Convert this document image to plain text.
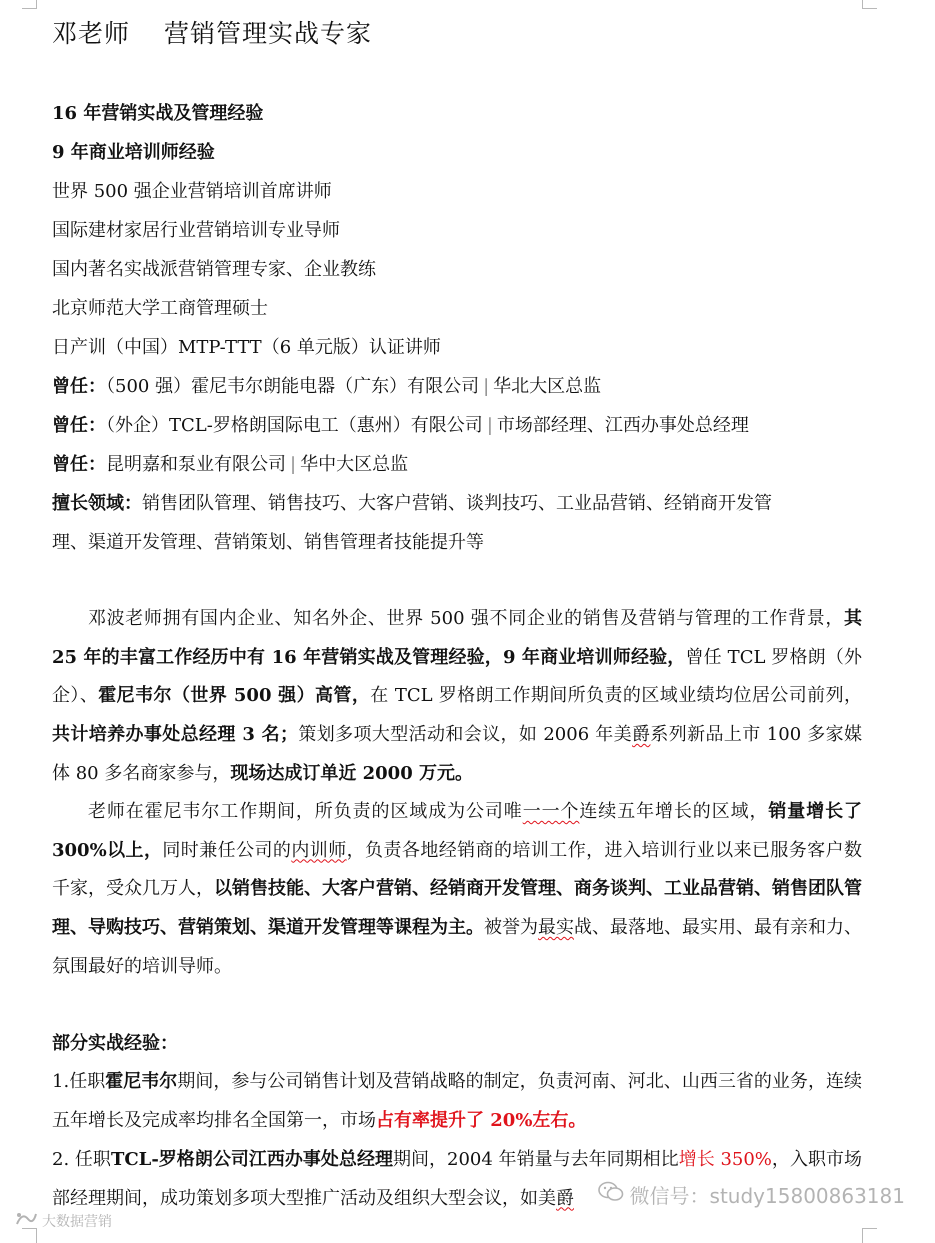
邓老师 营销管理实战专家
16 年营销实战及管理经验
9 年商业培训师经验
世界 500 强企业营销培训首席讲师
国际建材家居行业营销培训专业导师
国内著名实战派营销管理专家、企业教练
北京师范大学工商管理硕士
日产训（中国）MTP-TTT（6 单元版）认证讲师
曾任：（500 强）霍尼韦尔朗能电器（广东）有限公司 | 华北大区总监
曾任：（外企）TCL-罗格朗国际电工（惠州）有限公司 | 市场部经理、江西办事处总经理
曾任：昆明嘉和泵业有限公司 | 华中大区总监
擅长领域：销售团队管理、销售技巧、大客户营销、谈判技巧、工业品营销、经销商开发管
理、渠道开发管理、营销策划、销售管理者技能提升等
邓波老师拥有国内企业、知名外企、世界 500 强不同企业的销售及营销与管理的工作背景，其 25 年的丰富工作经历中有 16 年营销实战及管理经验，9 年商业培训师经验，曾任 TCL 罗格朗（外企）、霍尼韦尔（世界 500 强）高管，在 TCL 罗格朗工作期间所负责的区域业绩均位居公司前列，共计培养办事处总经理 3 名；策划多项大型活动和会议，如 2006 年美爵系列新品上市 100 多家媒体 80 多名商家参与，现场达成订单近 2000 万元。
老师在霍尼韦尔工作期间，所负责的区域成为公司唯一一个连续五年增长的区域，销量增长了 300%以上，同时兼任公司的内训师，负责各地经销商的培训工作，进入培训行业以来已服务客户数千家，受众几万人，以销售技能、大客户营销、经销商开发管理、商务谈判、工业品营销、销售团队管理、导购技巧、营销策划、渠道开发管理等课程为主。被誉为最实战、最落地、最实用、最有亲和力、氛围最好的培训导师。
部分实战经验：
1.任职霍尼韦尔期间，参与公司销售计划及营销战略的制定，负责河南、河北、山西三省的业务，连续五年增长及完成率均排名全国第一，市场占有率提升了 20%左右。
2. 任职TCL-罗格朗公司江西办事处总经理期间，2004 年销量与去年同期相比增长 350%，入职市场部经理期间，成功策划多项大型推广活动及组织大型会议，如美爵	微信号：study15800863181
大数据营销
